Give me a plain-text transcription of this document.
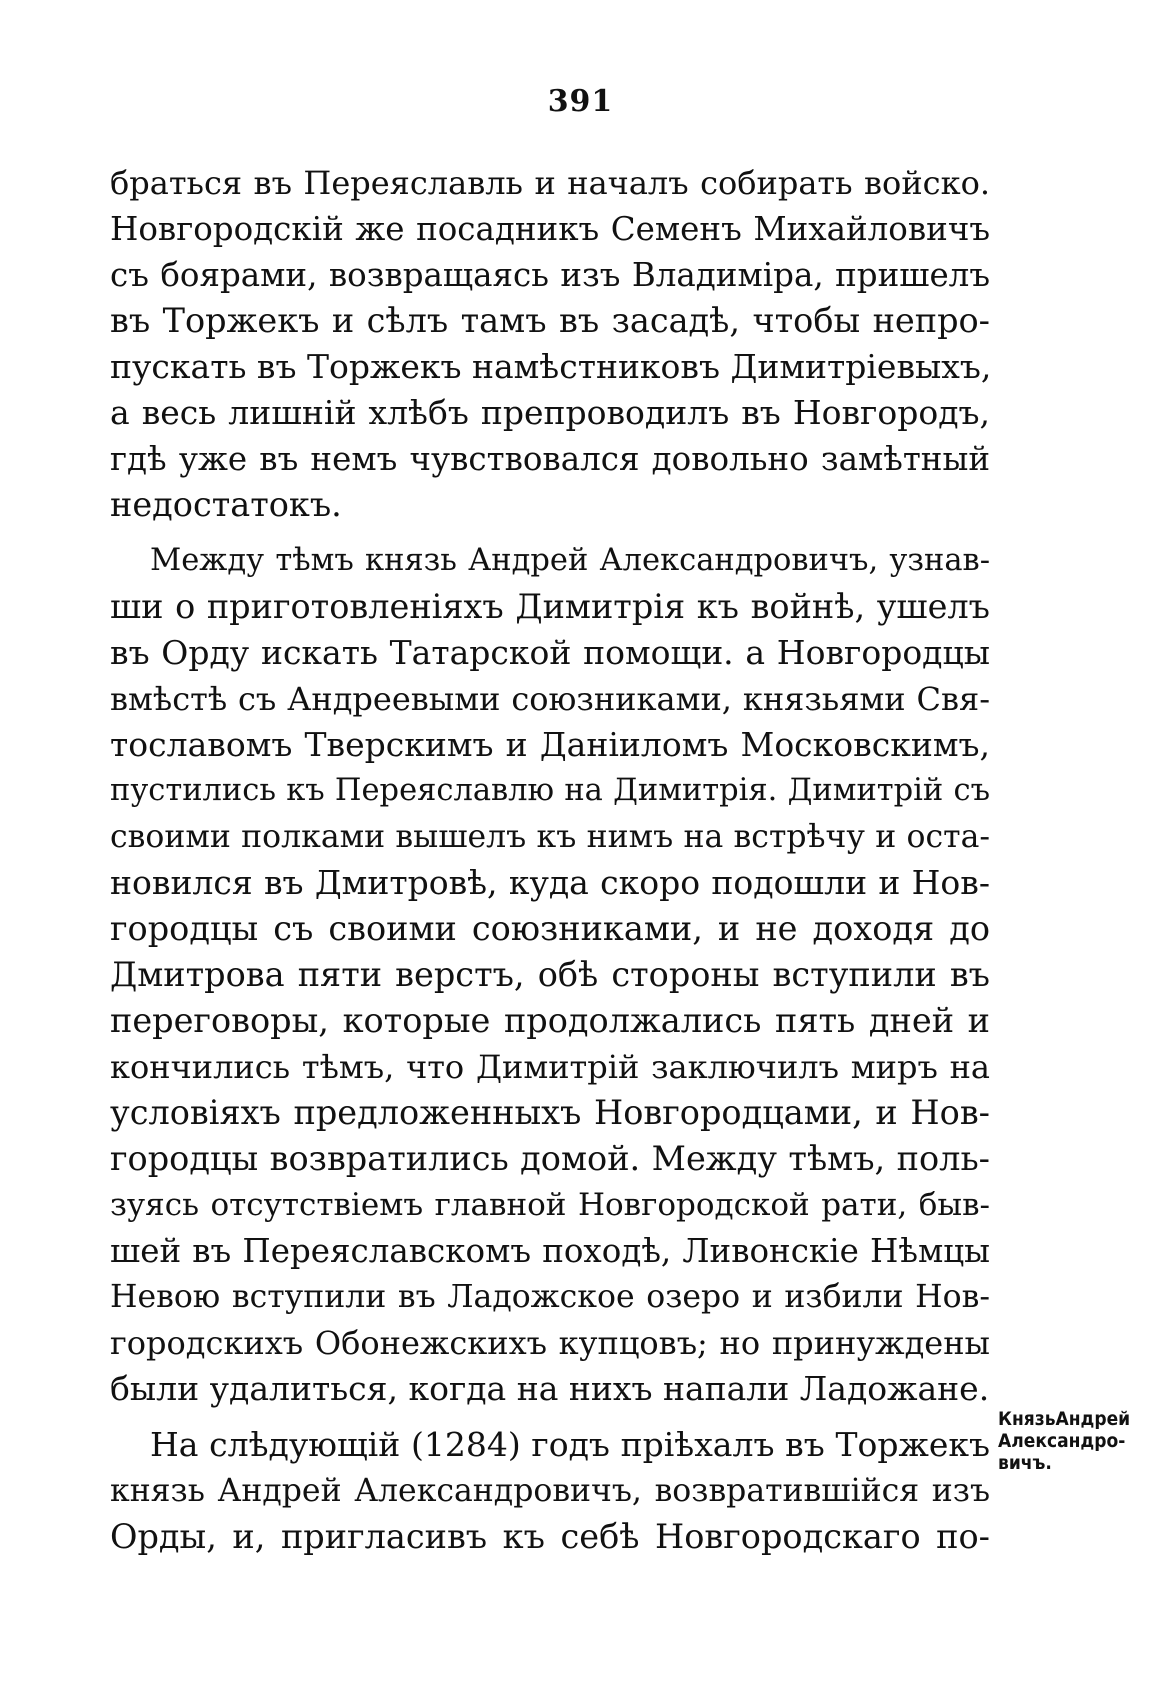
391
браться въ Переяславль и началъ собирать войско.
Новгородскій же посадникъ Семенъ Михайловичъ
съ боярами, возвращаясь изъ Владиміра, пришелъ
въ Торжекъ и сѣлъ тамъ въ засадѣ, чтобы непро-
пускать въ Торжекъ намѣстниковъ Димитріевыхъ,
а весь лишній хлѣбъ препроводилъ въ Новгородъ,
гдѣ уже въ немъ чувствовался довольно замѣтный
недостатокъ.
Между тѣмъ князь Андрей Александровичъ, узнав-
ши о приготовленіяхъ Димитрія къ войнѣ, ушелъ
въ Орду искать Татарской помощи. а Новгородцы
вмѣстѣ съ Андреевыми союзниками, князьями Свя-
тославомъ Тверскимъ и Даніиломъ Московскимъ,
пустились къ Переяславлю на Димитрія. Димитрій съ
своими полками вышелъ къ нимъ на встрѣчу и оста-
новился въ Дмитровѣ, куда скоро подошли и Нов-
городцы съ своими союзниками, и не доходя до
Дмитрова пяти верстъ, обѣ стороны вступили въ
переговоры, которые продолжались пять дней и
кончились тѣмъ, что Димитрій заключилъ миръ на
условіяхъ предложенныхъ Новгородцами, и Нов-
городцы возвратились домой. Между тѣмъ, поль-
зуясь отсутствіемъ главной Новгородской рати, быв-
шей въ Переяславскомъ походѣ, Ливонскіе Нѣмцы
Невою вступили въ Ладожское озеро и избили Нов-
городскихъ Обонежскихъ купцовъ; но принуждены
были удалиться, когда на нихъ напали Ладожане.
На слѣдующій (1284) годъ пріѣхалъ въ Торжекъ
князь Андрей Александровичъ, возвратившійся изъ
Орды, и, пригласивъ къ себѣ Новгородскаго по-
КнязьАндрей
Александро-
вичъ.
